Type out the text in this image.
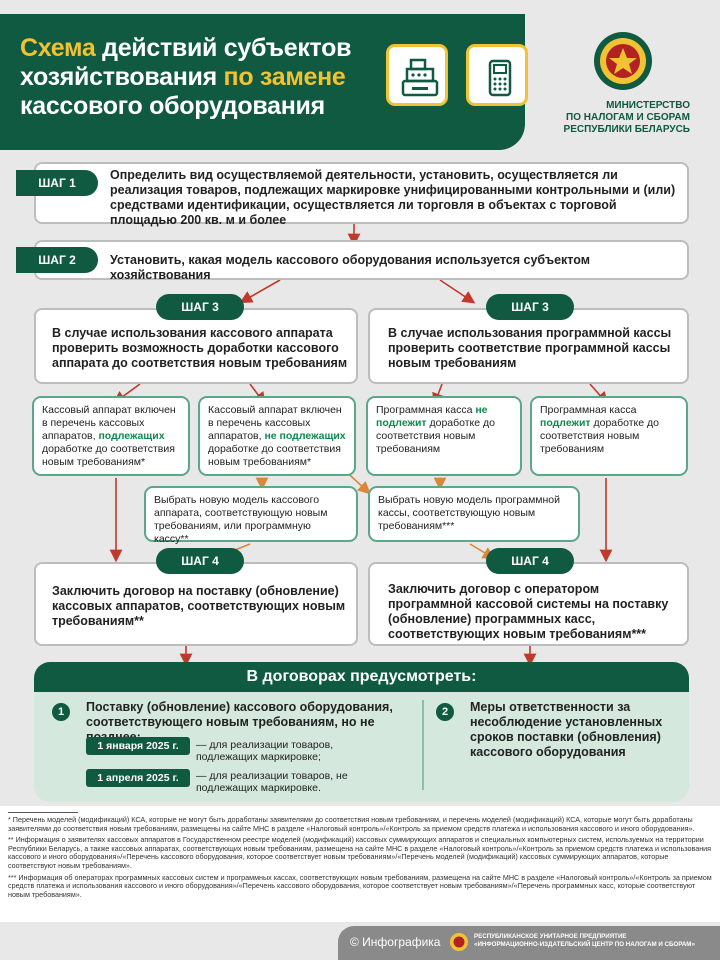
Схема действий субъектов
хозяйствования по замене
кассового оборудования	МИНИСТЕРСТВО
ПО НАЛОГАМ И СБОРАМ
РЕСПУБЛИКИ БЕЛАРУСЬ
ШАГ 1
Определить вид осуществляемой деятельности, установить, осуществляется ли реализация товаров, подлежащих маркировке унифицированными контрольными и (или) средствами идентификации, осуществляется ли торговля в объектах с торговой площадью 200 кв. м и более
ШАГ 2	Установить, какая модель кассового оборудования используется субъектом хозяйствования
ШАГ 3
В случае использования кассового аппарата проверить возможность доработки кассового аппарата до соответствия новым требованиям
ШАГ 3
В случае использования программной кассы проверить соответствие программной кассы новым требованиям
Кассовый аппарат включен в перечень кассовых аппаратов, подлежащих доработке до соответствия новым требованиям*
Кассовый аппарат включен в перечень кассовых аппаратов, не подлежащих доработке до соответствия новым требованиям*
Программная касса не подлежит доработке до соответствия новым требованиям
Программная касса подлежит доработке до соответствия новым требованиям
Выбрать новую модель кассового аппарата, соответствующую новым требованиям, или программную кассу**
Выбрать новую модель программной кассы, соответствующую новым требованиям***
ШАГ 4
Заключить договор на поставку (обновление) кассовых аппаратов, соответствующих новым требованиям**
ШАГ 4
Заключить договор с оператором программной кассовой системы на поставку (обновление) программных касс, соответствующих новым требованиям***
В договорах предусмотреть:
1	Поставку (обновление) кассового оборудования, соответствующего новым требованиям, но не
1 января 2025 г.	— для реализации товаров, подлежащих маркировке;
1 апреля 2025 г.	— для реализации товаров, не подлежащих маркировке.
2	Меры ответственности за несоблюдение установленных сроков поставки (обновления) кассового оборудования
* Перечень моделей (модификаций) КСА, которые не могут быть доработаны заявителями до соответствия новым требованиям, и перечень моделей (модификаций) КСА, которые могут быть доработаны заявителями до соответствия новым требованиям, размещены на сайте МНС в разделе «Налоговый контроль»/«Контроль за приемом средств платежа и использования кассового и иного оборудования».
** Информация о заявителях кассовых аппаратов в Государственном реестре моделей (модификаций) кассовых суммирующих аппаратов и специальных компьютерных систем, используемых на территории Республики Беларусь, а также кассовых аппаратах, соответствующих новым требованиям, размещена на сайте МНС в разделе «Налоговый контроль»/«Контроль за приемом средств платежа и использования кассового и иного оборудования»/«Перечень кассового оборудования, которое соответствует новым требованиям»/«Перечень моделей (модификаций) кассовых суммирующих аппаратов, которые соответствуют новым требованиям».
*** Информация об операторах программных кассовых систем и программных кассах, соответствующих новым требованиям, размещена на сайте МНС в разделе «Налоговый контроль»/«Контроль за приемом средств платежа и использования кассового и иного оборудования»/«Перечень кассового оборудования, которое соответствует новым требованиям»/«Перечень программных касс, которые соответствуют новым требованиям».
© Инфографика	РЕСПУБЛИКАНСКОЕ УНИТАРНОЕ ПРЕДПРИЯТИЕ
«ИНФОРМАЦИОННО-ИЗДАТЕЛЬСКИЙ ЦЕНТР ПО НАЛОГАМ И СБОРАМ»
